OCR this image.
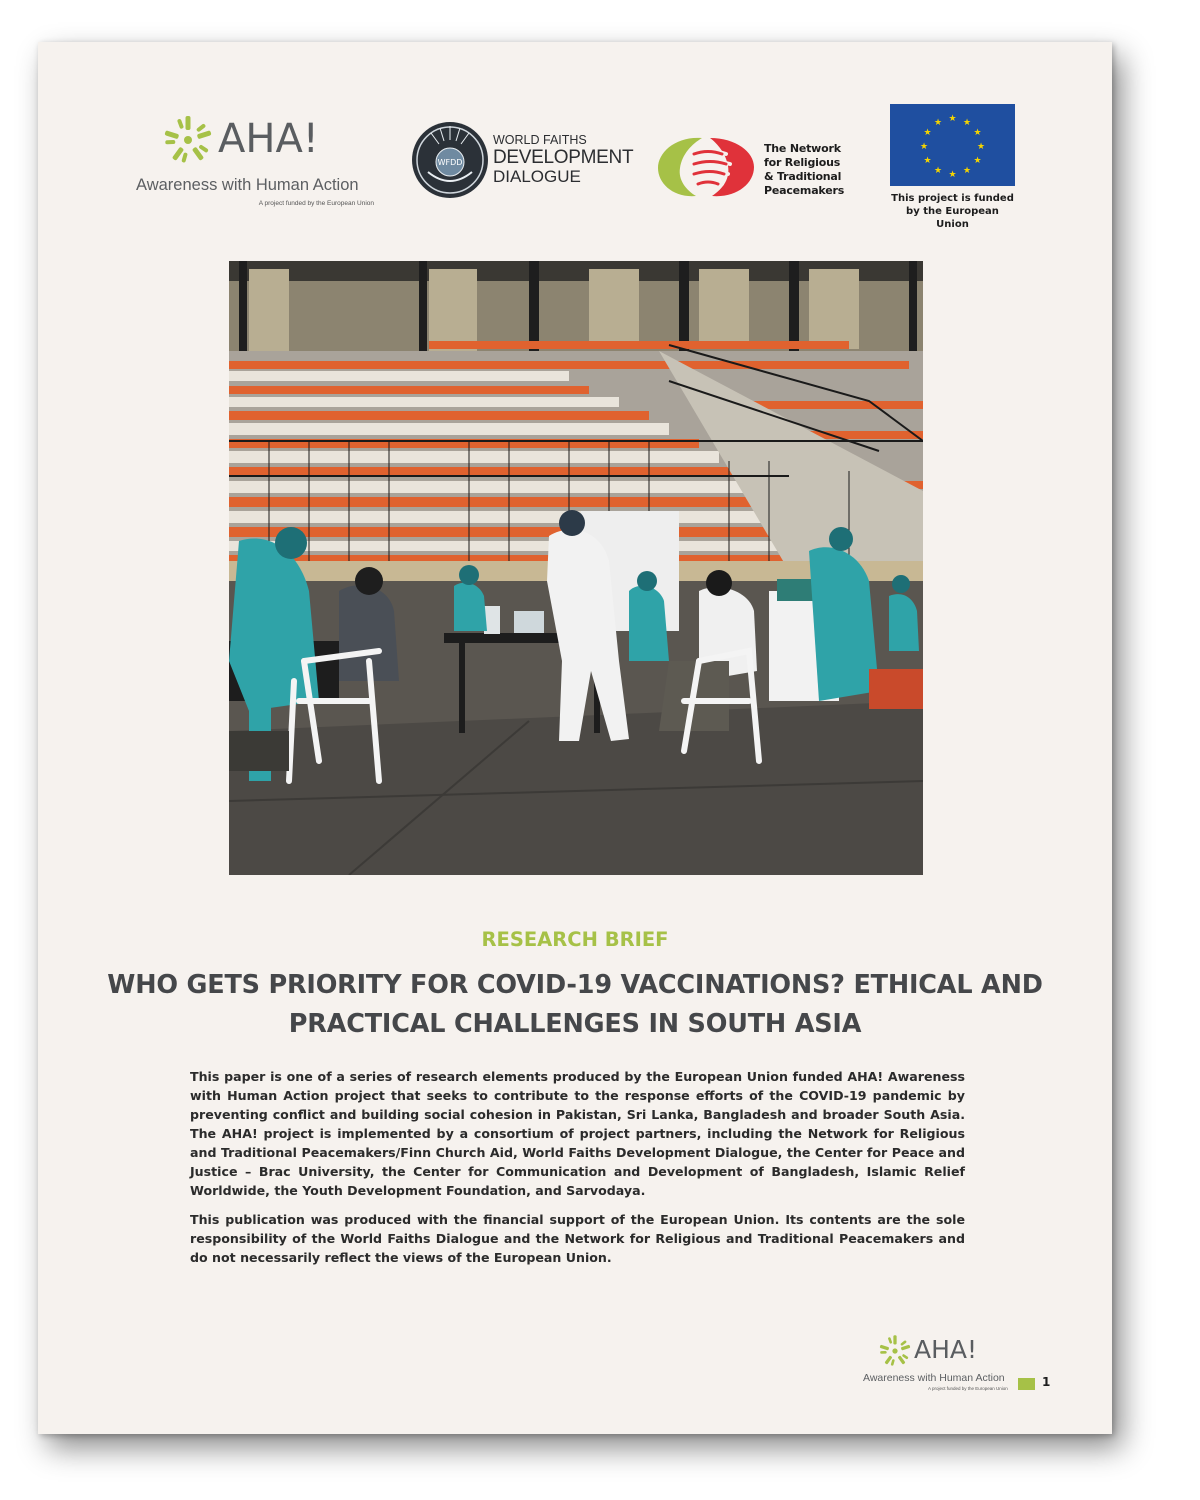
AHA!
Awareness with Human Action
A project funded by the European Union
WFDD
WORLD FAITHS
DEVELOPMENT
DIALOGUE
The Network
for Religious
& Traditional
Peacemakers
★ ★
★
★
★
★
★
★
★
★
★
★
This project is funded
by the European Union
RESEARCH BRIEF
WHO GETS PRIORITY FOR COVID-19 VACCINATIONS? ETHICAL AND
PRACTICAL CHALLENGES IN SOUTH ASIA

This paper is one of a series of research elements produced by the European Union funded AHA! Awareness with Human Action project that seeks to contribute to the response efforts of the COVID-19 pandemic by preventing conflict and building social cohesion in Pakistan, Sri Lanka, Bangladesh and broader South Asia. The AHA! project is implemented by a consortium of project partners, including the Network for Religious and Traditional Peacemakers/Finn Church Aid, World Faiths Development Dialogue, the Center for Peace and Justice – Brac University, the Center for Communication and Development of Bangladesh, Islamic Relief Worldwide, the Youth Development Foundation, and Sarvodaya.

This publication was produced with the financial support of the European Union. Its contents are the sole responsibility of the World Faiths Dialogue and the Network for Religious and Traditional Peacemakers and do not necessarily reflect the views of the European Union.

AHA!
Awareness with Human Action
A project funded by the European Union	1
